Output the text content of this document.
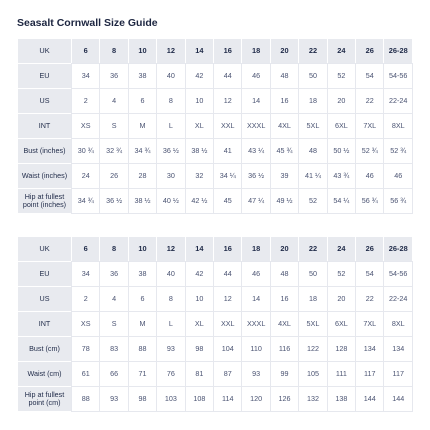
Seasalt Cornwall Size Guide
UK	6	8	10	12	14	16	18	20	22	24	26	26-28
EU	34	36	38	40	42	44	46	48	50	52	54	54-56
US	2	4	6	8	10	12	14	16	18	20	22	22-24
INT	XS	S	M	L	XL	XXL	XXXL	4XL	5XL	6XL	7XL	8XL
Bust (inches)	30 ¾	32 ¾	34 ¾	36 ½	38 ½	41	43 ¼	45 ¾	48	50 ½	52 ¾	52 ¾
Waist (inches)	24	26	28	30	32	34 ¼	36 ½	39	41 ¼	43 ¾	46	46
Hip at fullest point (inches)	34 ¾	36 ½	38 ½	40 ½	42 ½	45	47 ¼	49 ½	52	54 ¼	56 ¾	56 ¾
UK	6	8	10	12	14	16	18	20	22	24	26	26-28
EU	34	36	38	40	42	44	46	48	50	52	54	54-56
US	2	4	6	8	10	12	14	16	18	20	22	22-24
INT	XS	S	M	L	XL	XXL	XXXL	4XL	5XL	6XL	7XL	8XL
Bust (cm)	78	83	88	93	98	104	110	116	122	128	134	134
Waist (cm)	61	66	71	76	81	87	93	99	105	111	117	117
Hip at fullest point (cm)	88	93	98	103	108	114	120	126	132	138	144	144
